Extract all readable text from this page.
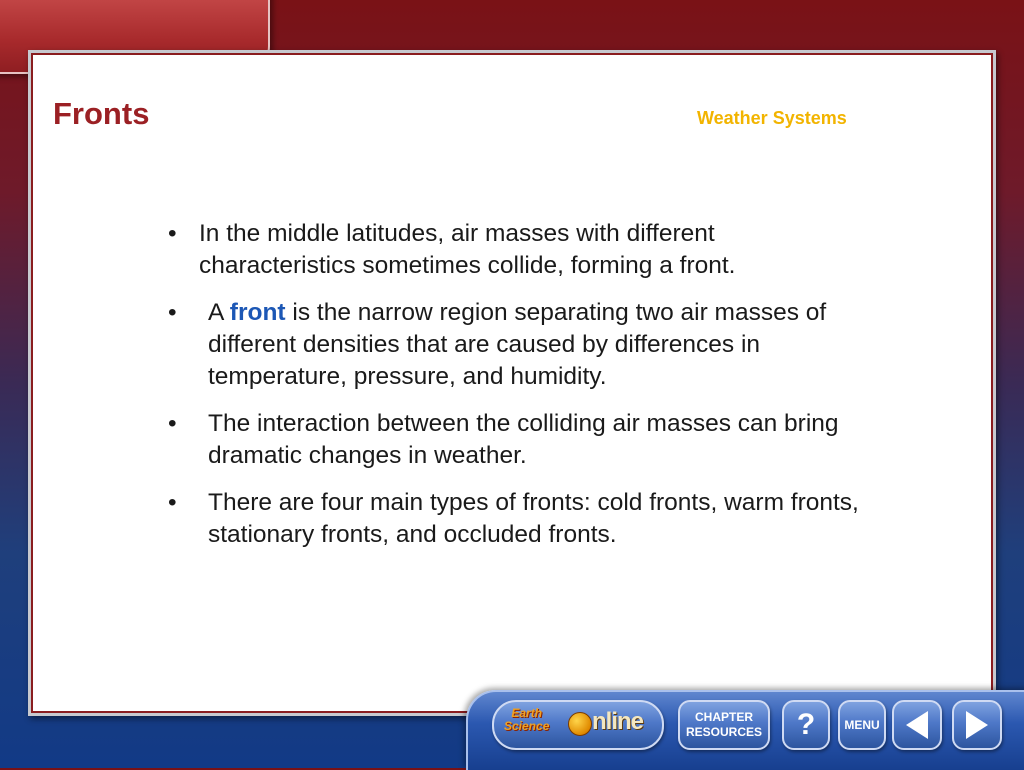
Fronts	Weather Systems
• In the middle latitudes, air masses with different characteristics sometimes collide, forming a front.
• A front is the narrow region separating two air masses of different densities that are caused by differences in temperature, pressure, and humidity.
• The interaction between the colliding air masses can bring dramatic changes in weather.
• There are four main types of fronts: cold fronts, warm fronts, stationary fronts, and occluded fronts.
Earth
Science nline	CHAPTER
RESOURCES ? MENU
